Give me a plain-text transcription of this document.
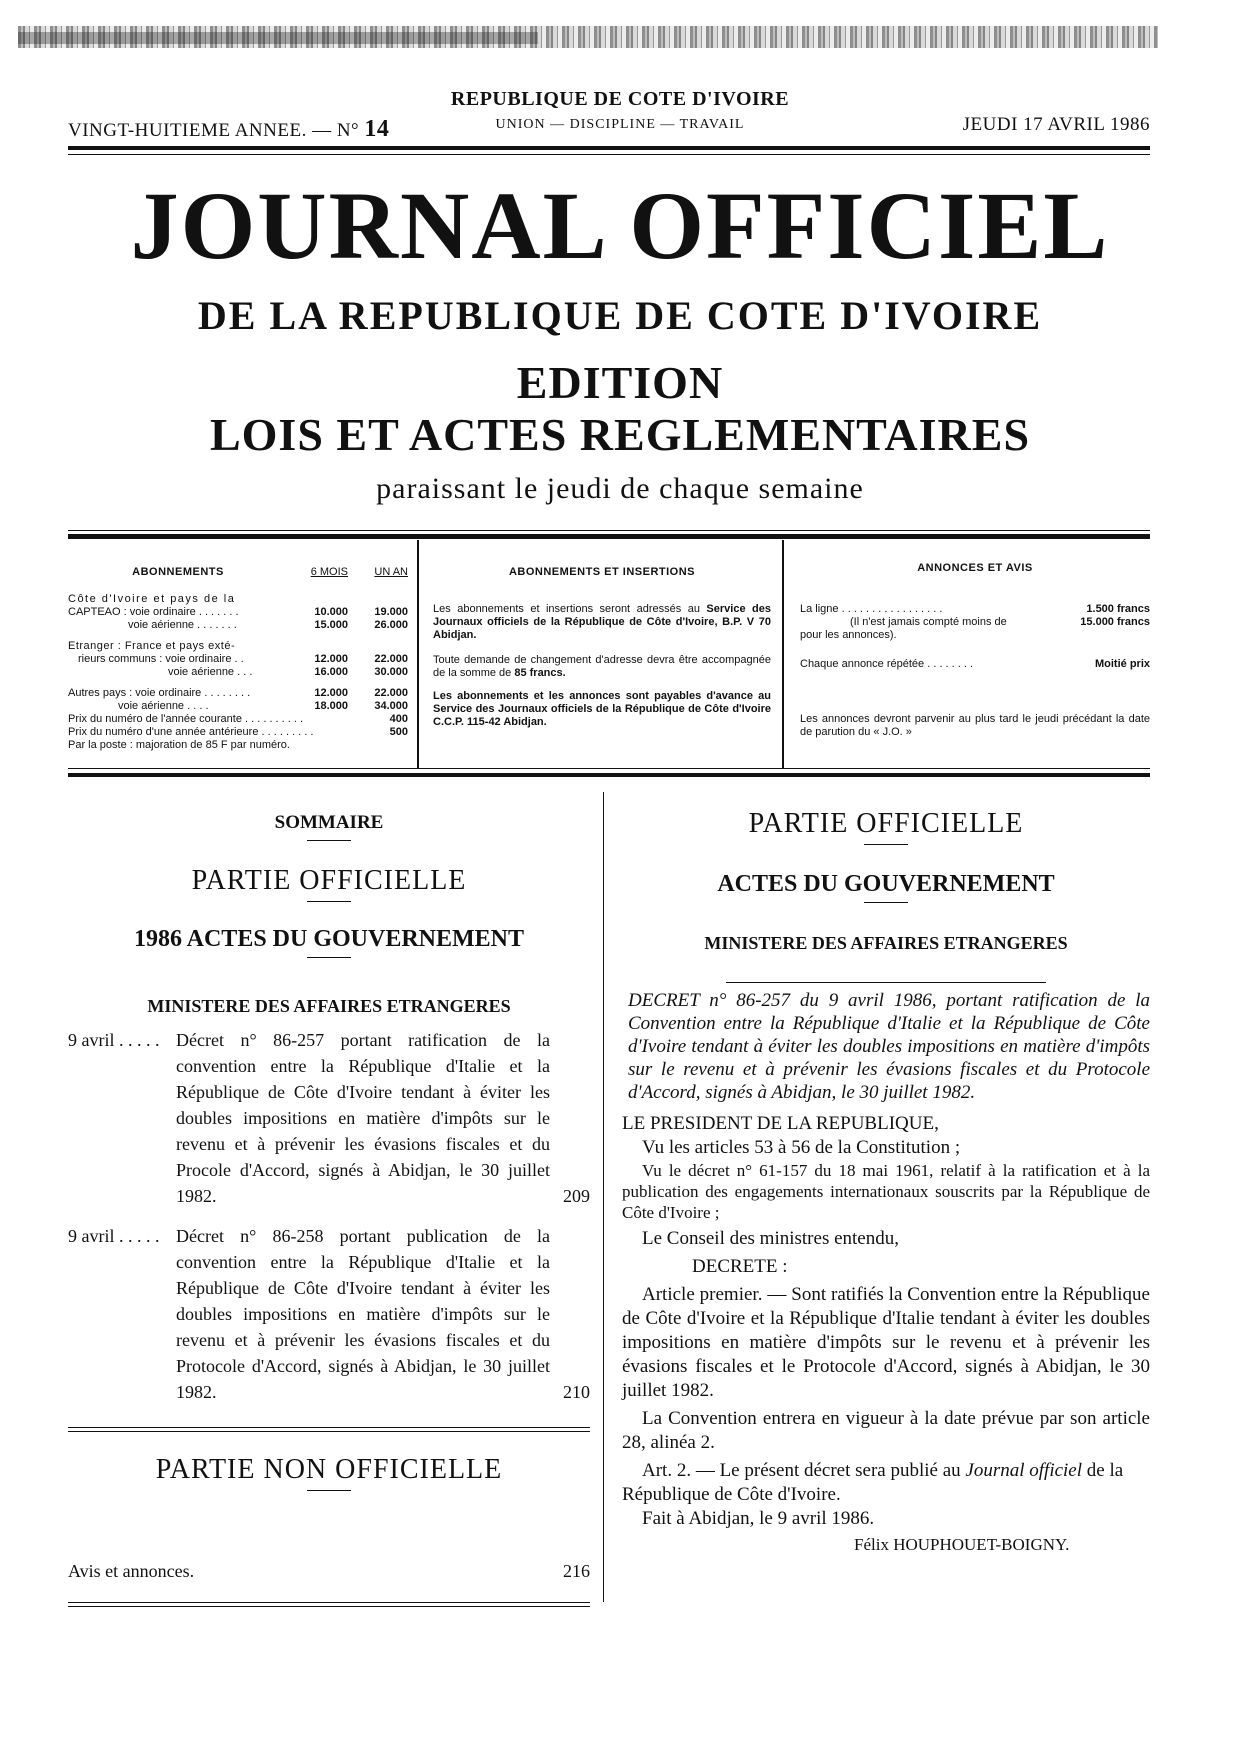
VINGT-HUITIEME ANNEE. — N° 14
REPUBLIQUE DE COTE D'IVOIRE
UNION — DISCIPLINE — TRAVAIL	JEUDI 17 AVRIL 1986
JOURNAL OFFICIEL
DE LA REPUBLIQUE DE COTE D'IVOIRE
EDITION
LOIS ET ACTES REGLEMENTAIRES
paraissant le jeudi de chaque semaine
ABONNEMENTS	6 MOIS	UN AN
Côte d'Ivoire et pays de la
CAPTEAO : voie ordinaire . . . . . . .	10.000	19.000
voie aérienne . . . . . . .	15.000	26.000
Etranger : France et pays exté-
rieurs communs : voie ordinaire . .	12.000	22.000
voie aérienne . . .	16.000	30.000
Autres pays : voie ordinaire . . . . . . . .	12.000	22.000
voie aérienne . . . .	18.000	34.000
Prix du numéro de l'année courante . . . . . . . . . .	400
Prix du numéro d'une année antérieure . . . . . . . . .	500
Par la poste : majoration de 85 F par numéro.
ABONNEMENTS ET INSERTIONS
Les abonnements et insertions seront adressés au Service des Journaux officiels de la République de Côte d'Ivoire, B.P. V 70 Abidjan.
Toute demande de changement d'adresse devra être accompagnée de la somme de 85 francs.
Les abonnements et les annonces sont payables d'avance au Service des Journaux officiels de la République de Côte d'Ivoire C.C.P. 115-42 Abidjan.
ANNONCES ET AVIS
La ligne . . . . . . . . . . . . . . . . .	1.500 francs
(Il n'est jamais compté moins de	15.000 francs
pour les annonces).
Chaque annonce répétée . . . . . . . .	Moitié prix
Les annonces devront parvenir au plus tard le jeudi précédant la date de parution du « J.O. »
SOMMAIRE
PARTIE OFFICIELLE
1986 ACTES DU GOUVERNEMENT
MINISTERE DES AFFAIRES ETRANGERES
9 avril . . . . . Décret n° 86-257 portant ratification de la convention entre la République d'Italie et la République de Côte d'Ivoire tendant à éviter les doubles impositions en matière d'impôts sur le revenu et à prévenir les évasions fiscales et du Procole d'Accord, signés à Abidjan, le 30 juillet 1982.	209
9 avril . . . . . Décret n° 86-258 portant publication de la convention entre la République d'Italie et la République de Côte d'Ivoire tendant à éviter les doubles impositions en matière d'impôts sur le revenu et à prévenir les évasions fiscales et du Protocole d'Accord, signés à Abidjan, le 30 juillet 1982.	210
PARTIE NON OFFICIELLE
Avis et annonces.	216
PARTIE OFFICIELLE
ACTES DU GOUVERNEMENT
MINISTERE DES AFFAIRES ETRANGERES
DECRET n° 86-257 du 9 avril 1986, portant ratification de la Convention entre la République d'Italie et la République de Côte d'Ivoire tendant à éviter les doubles impositions en matière d'impôts sur le revenu et à prévenir les évasions fiscales et du Protocole d'Accord, signés à Abidjan, le 30 juillet 1982.
LE PRESIDENT DE LA REPUBLIQUE,
Vu les articles 53 à 56 de la Constitution ;
Vu le décret n° 61-157 du 18 mai 1961, relatif à la ratification et à la publication des engagements internationaux souscrits par la République de Côte d'Ivoire ;
Le Conseil des ministres entendu,
DECRETE :
Article premier. — Sont ratifiés la Convention entre la République de Côte d'Ivoire et la République d'Italie tendant à éviter les doubles impositions en matière d'impôts sur le revenu et à prévenir les évasions fiscales et le Protocole d'Accord, signés à Abidjan, le 30 juillet 1982.
La Convention entrera en vigueur à la date prévue par son article 28, alinéa 2.
Art. 2. — Le présent décret sera publié au Journal officiel de la République de Côte d'Ivoire.
Fait à Abidjan, le 9 avril 1986.
Félix HOUPHOUET-BOIGNY.
